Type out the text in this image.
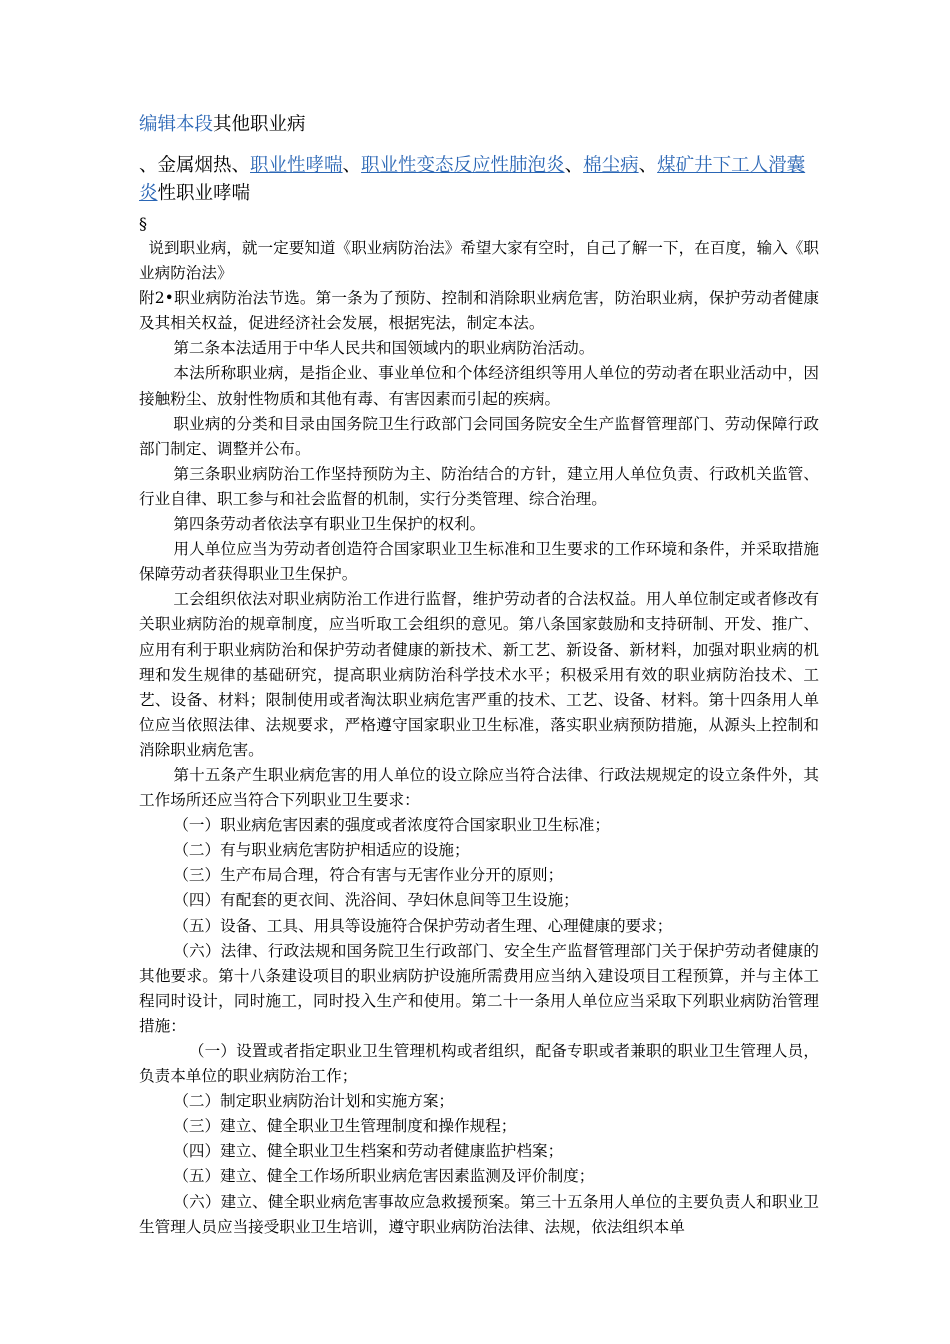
编辑本段其他职业病
、金属烟热、职业性哮喘、职业性变态反应性肺泡炎、棉尘病、煤矿井下工人滑囊炎性职业哮喘
§

说到职业病，就一定要知道《职业病防治法》希望大家有空时，自己了解一下，在百度，输入《职业病防治法》

附2•职业病防治法节选。第一条为了预防、控制和消除职业病危害，防治职业病，保护劳动者健康及其相关权益，促进经济社会发展，根据宪法，制定本法。

第二条本法适用于中华人民共和国领域内的职业病防治活动。

本法所称职业病，是指企业、事业单位和个体经济组织等用人单位的劳动者在职业活动中，因接触粉尘、放射性物质和其他有毒、有害因素而引起的疾病。

职业病的分类和目录由国务院卫生行政部门会同国务院安全生产监督管理部门、劳动保障行政部门制定、调整并公布。

第三条职业病防治工作坚持预防为主、防治结合的方针，建立用人单位负责、行政机关监管、行业自律、职工参与和社会监督的机制，实行分类管理、综合治理。

第四条劳动者依法享有职业卫生保护的权利。

用人单位应当为劳动者创造符合国家职业卫生标准和卫生要求的工作环境和条件，并采取措施保障劳动者获得职业卫生保护。

工会组织依法对职业病防治工作进行监督，维护劳动者的合法权益。用人单位制定或者修改有关职业病防治的规章制度，应当听取工会组织的意见。第八条国家鼓励和支持研制、开发、推广、应用有利于职业病防治和保护劳动者健康的新技术、新工艺、新设备、新材料，加强对职业病的机理和发生规律的基础研究，提高职业病防治科学技术水平；积极采用有效的职业病防治技术、工艺、设备、材料；限制使用或者淘汰职业病危害严重的技术、工艺、设备、材料。第十四条用人单位应当依照法律、法规要求，严格遵守国家职业卫生标准，落实职业病预防措施，从源头上控制和消除职业病危害。

第十五条产生职业病危害的用人单位的设立除应当符合法律、行政法规规定的设立条件外，其工作场所还应当符合下列职业卫生要求：

（一）职业病危害因素的强度或者浓度符合国家职业卫生标准；

（二）有与职业病危害防护相适应的设施；

（三）生产布局合理，符合有害与无害作业分开的原则；

（四）有配套的更衣间、洗浴间、孕妇休息间等卫生设施；

（五）设备、工具、用具等设施符合保护劳动者生理、心理健康的要求；

（六）法律、行政法规和国务院卫生行政部门、安全生产监督管理部门关于保护劳动者健康的其他要求。第十八条建设项目的职业病防护设施所需费用应当纳入建设项目工程预算，并与主体工程同时设计，同时施工，同时投入生产和使用。第二十一条用人单位应当采取下列职业病防治管理措施：

（一）设置或者指定职业卫生管理机构或者组织，配备专职或者兼职的职业卫生管理人员，负责本单位的职业病防治工作；

（二）制定职业病防治计划和实施方案；

（三）建立、健全职业卫生管理制度和操作规程；

（四）建立、健全职业卫生档案和劳动者健康监护档案；

（五）建立、健全工作场所职业病危害因素监测及评价制度；

（六）建立、健全职业病危害事故应急救援预案。第三十五条用人单位的主要负责人和职业卫生管理人员应当接受职业卫生培训，遵守职业病防治法律、法规，依法组织本单
